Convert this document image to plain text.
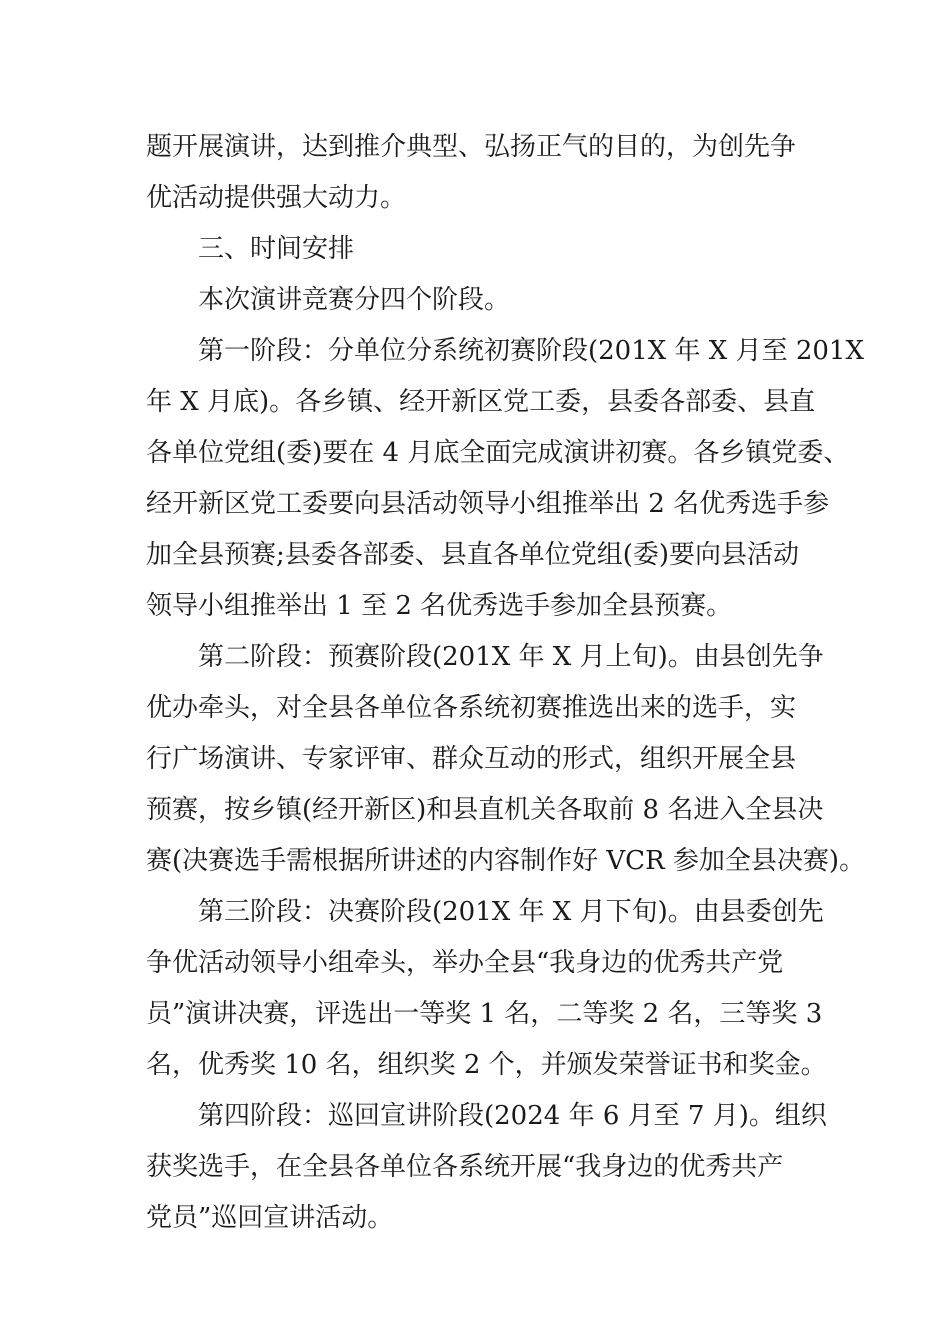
题开展演讲，达到推介典型、弘扬正气的目的，为创先争
优活动提供强大动力。
三、时间安排
本次演讲竞赛分四个阶段。
第一阶段：分单位分系统初赛阶段(201X 年 X 月至 201X
年 X 月底)。各乡镇、经开新区党工委，县委各部委、县直
各单位党组(委)要在 4 月底全面完成演讲初赛。各乡镇党委、
经开新区党工委要向县活动领导小组推举出 2 名优秀选手参
加全县预赛;县委各部委、县直各单位党组(委)要向县活动
领导小组推举出 1 至 2 名优秀选手参加全县预赛。
第二阶段：预赛阶段(201X 年 X 月上旬)。由县创先争
优办牵头，对全县各单位各系统初赛推选出来的选手，实
行广场演讲、专家评审、群众互动的形式，组织开展全县
预赛，按乡镇(经开新区)和县直机关各取前 8 名进入全县决
赛(决赛选手需根据所讲述的内容制作好 VCR 参加全县决赛)。
第三阶段：决赛阶段(201X 年 X 月下旬)。由县委创先
争优活动领导小组牵头，举办全县“我身边的优秀共产党
员”演讲决赛，评选出一等奖 1 名，二等奖 2 名，三等奖 3
名，优秀奖 10 名，组织奖 2 个，并颁发荣誉证书和奖金。
第四阶段：巡回宣讲阶段(2024 年 6 月至 7 月)。组织
获奖选手，在全县各单位各系统开展“我身边的优秀共产
党员”巡回宣讲活动。
